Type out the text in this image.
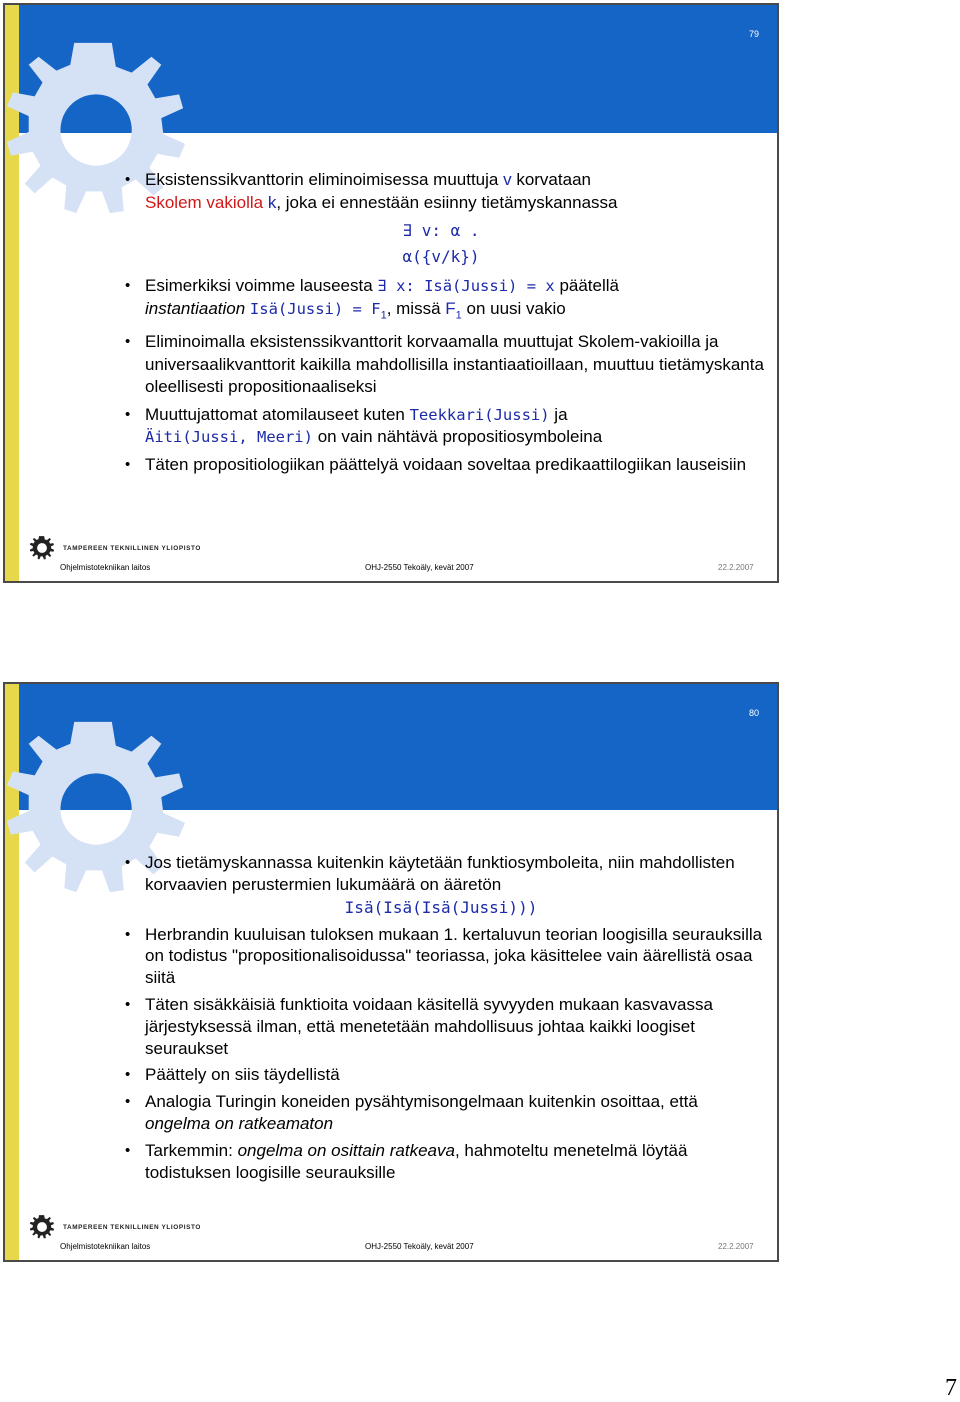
79
• Eksistenssikvanttorin eliminoimisessa muuttuja v korvataan
Skolem vakiolla k, joka ei ennestään esiinny tietämyskannassa
∃ v: α .
α({v/k})
• Esimerkiksi voimme lauseesta ∃ x: Isä(Jussi) = x päätellä
instantiaation Isä(Jussi) = $F_1$, missä $F_1$ on uusi vakio
• Eliminoimalla eksistenssikvanttorit korvaamalla muuttujat Skolem-vakioilla ja universaalikvanttorit kaikilla mahdollisilla instantiaatioillaan, muuttuu tietämyskanta oleellisesti propositionaaliseksi
• Muuttujattomat atomilauseet kuten Teekkari(Jussi) ja
Äiti(Jussi, Meeri) on vain nähtävä propositiosymboleina
• Täten propositiologiikan päättelyä voidaan soveltaa predikaattilogiikan lauseisiin
TAMPEREEN TEKNILLINEN YLIOPISTO
Ohjelmistotekniikan laitos	OHJ-2550 Tekoäly, kevät 2007	22.2.2007
80
• Jos tietämyskannassa kuitenkin käytetään funktiosymboleita, niin mahdollisten korvaavien perustermien lukumäärä on ääretön
Isä(Isä(Isä(Jussi)))
• Herbrandin kuuluisan tuloksen mukaan 1. kertaluvun teorian loogisilla seurauksilla on todistus "propositionalisoidussa" teoriassa, joka käsittelee vain äärellistä osaa siitä
• Täten sisäkkäisiä funktioita voidaan käsitellä syvyyden mukaan kasvavassa järjestyksessä ilman, että menetetään mahdollisuus johtaa kaikki loogiset seuraukset
• Päättely on siis täydellistä
• Analogia Turingin koneiden pysähtymisongelmaan kuitenkin osoittaa, että ongelma on ratkeamaton
• Tarkemmin: ongelma on osittain ratkeava, hahmoteltu menetelmä löytää todistuksen loogisille seurauksille
TAMPEREEN TEKNILLINEN YLIOPISTO
Ohjelmistotekniikan laitos	OHJ-2550 Tekoäly, kevät 2007	22.2.2007
7
